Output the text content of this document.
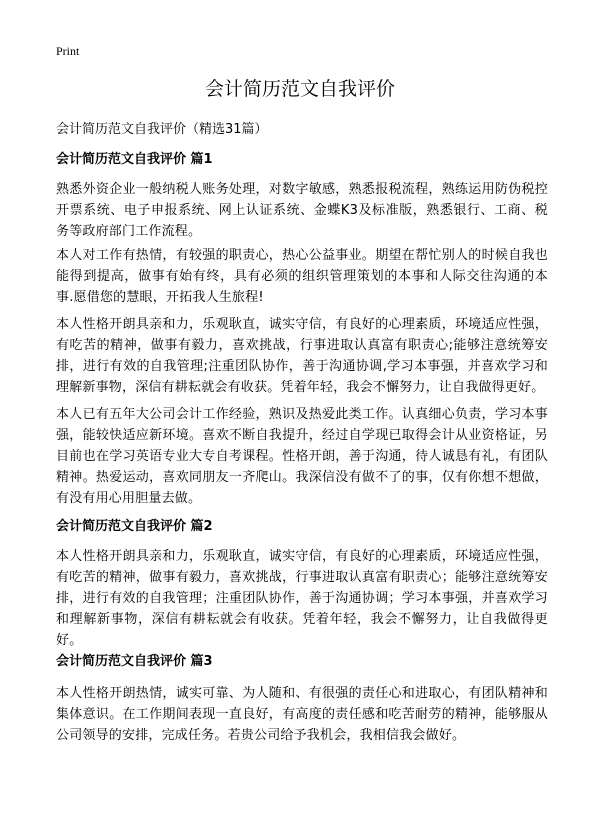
Print
会计简历范文自我评价

会计简历范文自我评价（精选31篇）

会计简历范文自我评价 篇1

熟悉外资企业一般纳税人账务处理，对数字敏感，熟悉报税流程，熟练运用防伪税控开票系统、电子申报系统、网上认证系统、金蝶K3及标准版，熟悉银行、工商、税务等政府部门工作流程。

本人对工作有热情，有较强的职责心，热心公益事业。期望在帮忙别人的时候自我也能得到提高，做事有始有终，具有必须的组织管理策划的本事和人际交往沟通的本事.愿借您的慧眼，开拓我人生旅程!

本人性格开朗具亲和力，乐观耿直，诚实守信，有良好的心理素质，环境适应性强，有吃苦的精神，做事有毅力，喜欢挑战，行事进取认真富有职责心;能够注意统筹安排，进行有效的自我管理;注重团队协作，善于沟通协调,学习本事强，并喜欢学习和理解新事物，深信有耕耘就会有收获。凭着年轻，我会不懈努力，让自我做得更好。

本人已有五年大公司会计工作经验，熟识及热爱此类工作。认真细心负责，学习本事强，能较快适应新环境。喜欢不断自我提升，经过自学现已取得会计从业资格证，另目前也在学习英语专业大专自考课程。性格开朗，善于沟通，待人诚恳有礼，有团队精神。热爱运动，喜欢同朋友一齐爬山。我深信没有做不了的事，仅有你想不想做，有没有用心用胆量去做。

会计简历范文自我评价 篇2

本人性格开朗具亲和力，乐观耿直，诚实守信，有良好的心理素质，环境适应性强，有吃苦的精神，做事有毅力，喜欢挑战，行事进取认真富有职责心；能够注意统筹安排，进行有效的自我管理；注重团队协作，善于沟通协调；学习本事强，并喜欢学习和理解新事物，深信有耕耘就会有收获。凭着年轻，我会不懈努力，让自我做得更好。

会计简历范文自我评价 篇3

本人性格开朗热情，诚实可靠、为人随和、有很强的责任心和进取心，有团队精神和集体意识。在工作期间表现一直良好，有高度的责任感和吃苦耐劳的精神，能够服从公司领导的安排，完成任务。若贵公司给予我机会，我相信我会做好。
